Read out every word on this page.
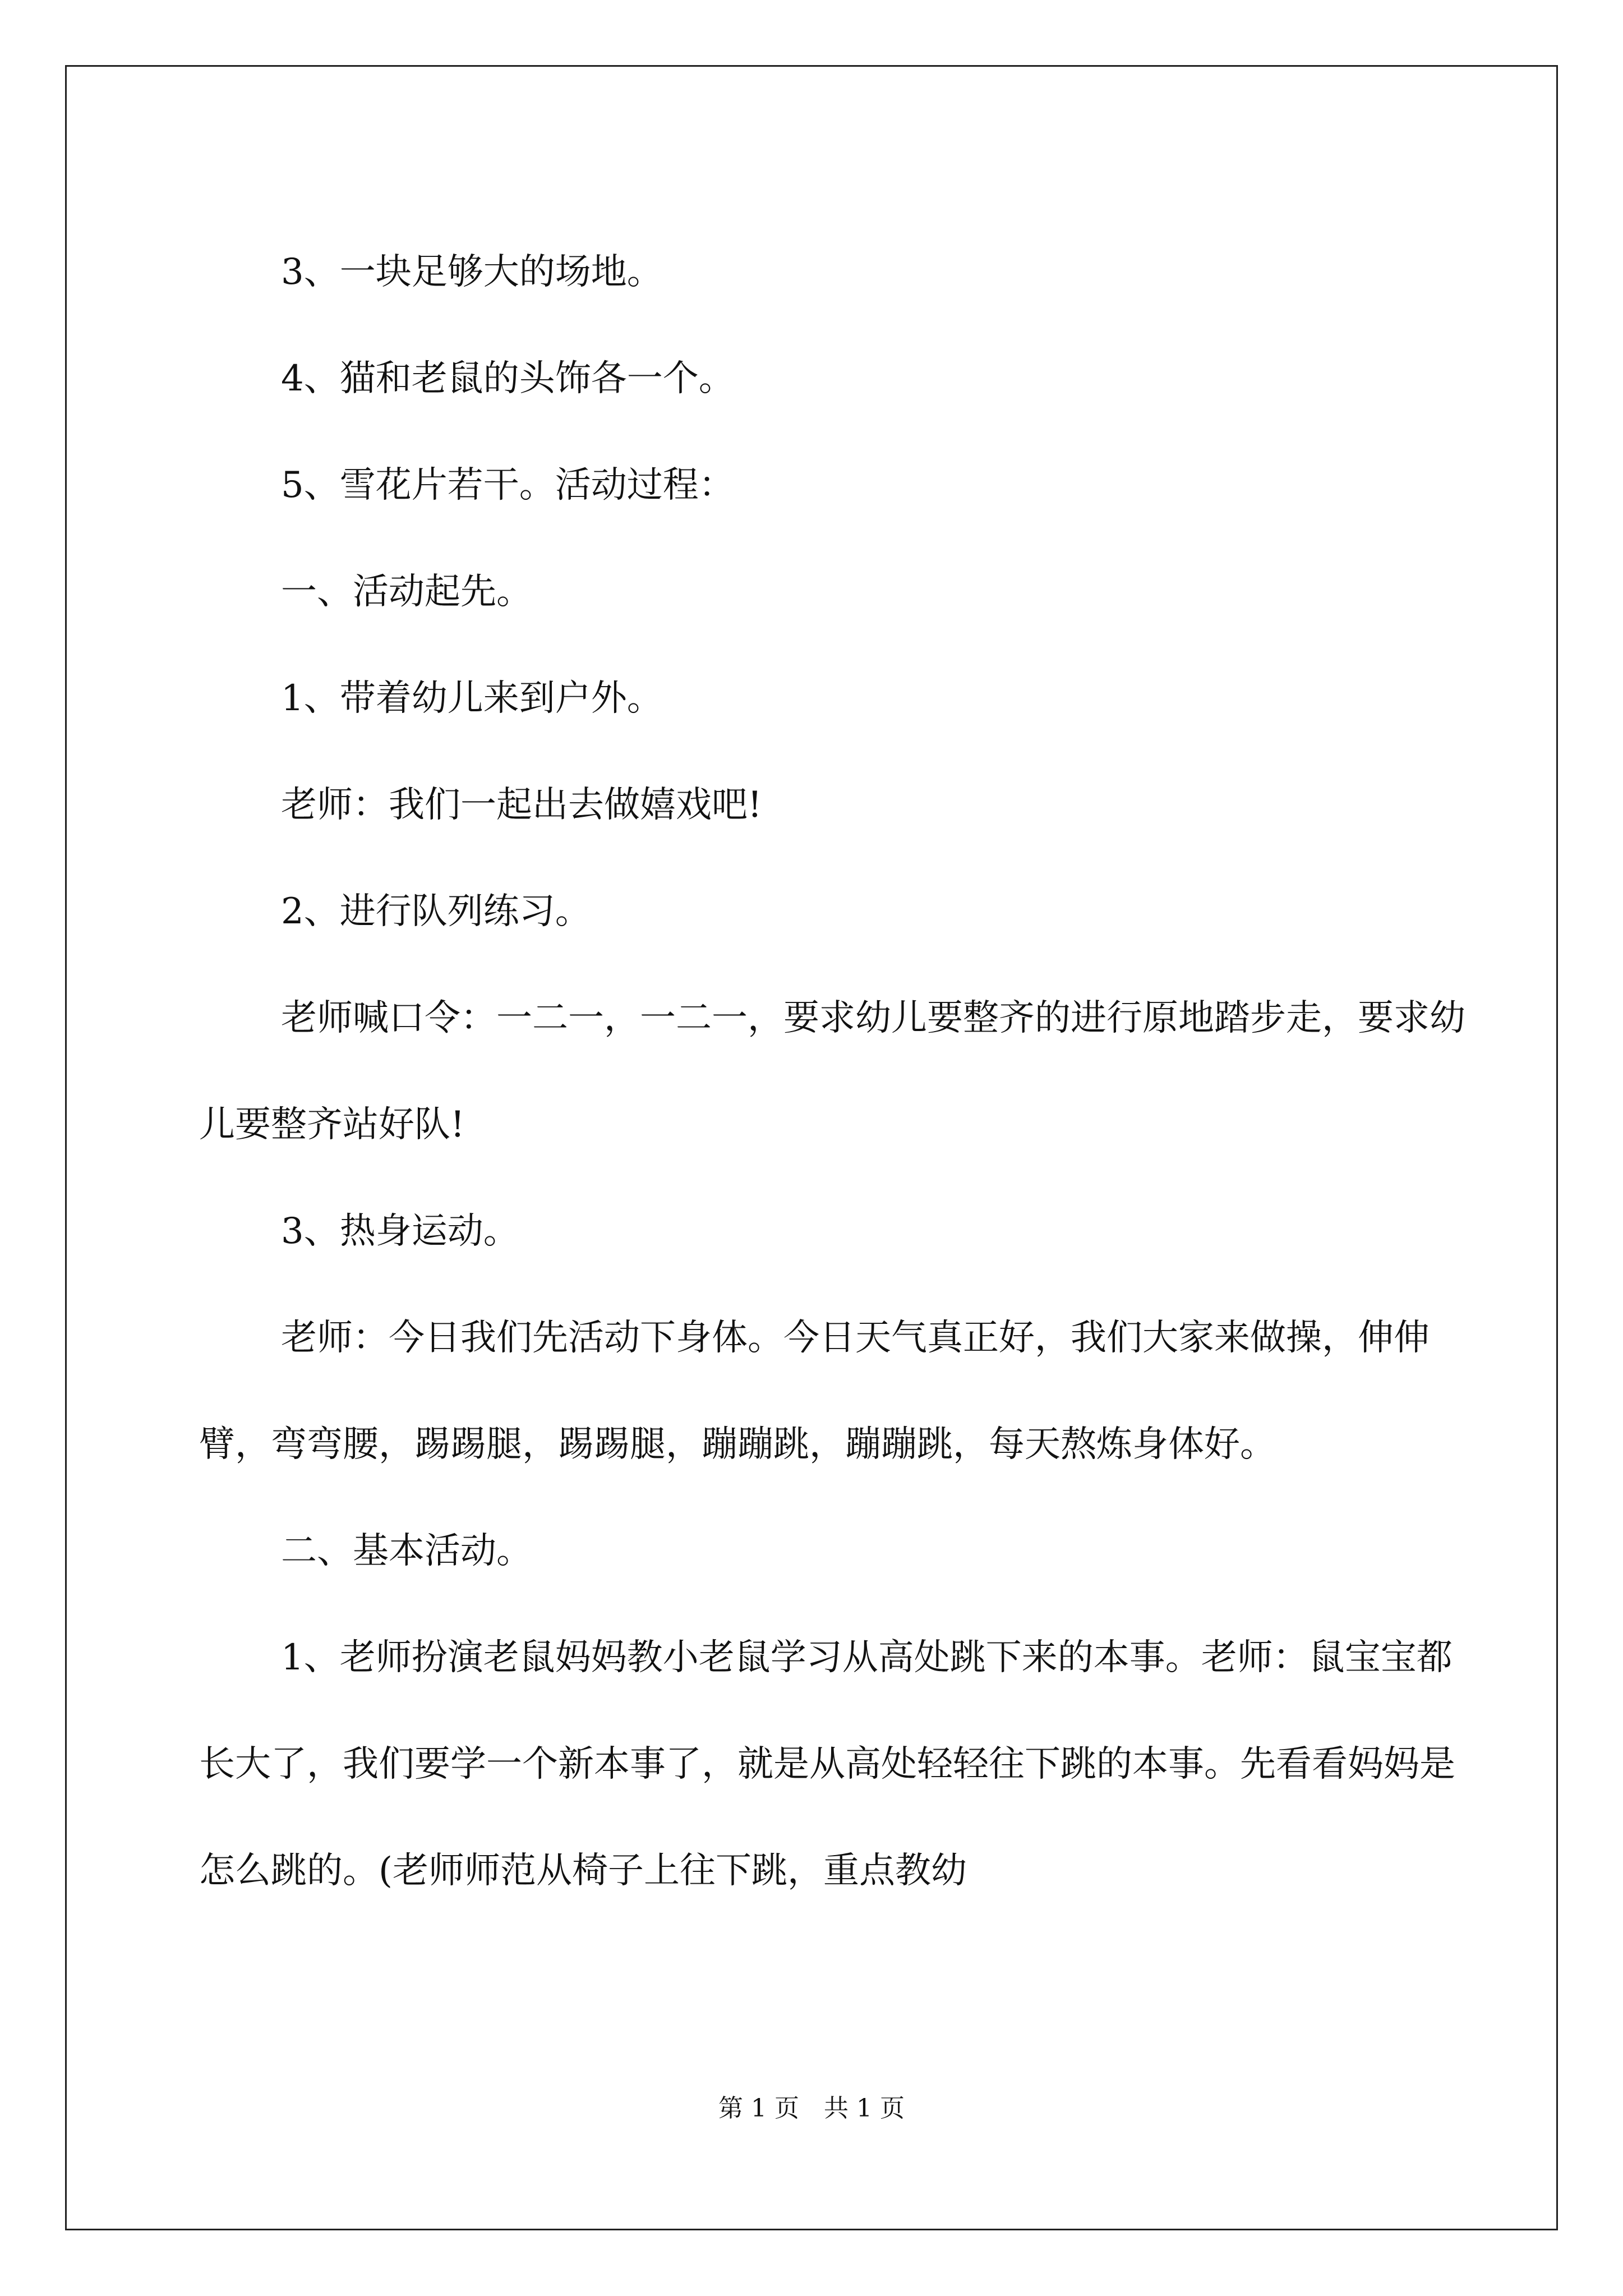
3、一块足够大的场地。

4、猫和老鼠的头饰各一个。

5、雪花片若干。活动过程：

一、活动起先。

1、带着幼儿来到户外。

老师：我们一起出去做嬉戏吧!

2、进行队列练习。

老师喊口令：一二一，一二一，要求幼儿要整齐的进行原地踏步走，要求幼儿要整齐站好队!

3、热身运动。

老师：今日我们先活动下身体。今日天气真正好，我们大家来做操，伸伸臂，弯弯腰，踢踢腿，踢踢腿，蹦蹦跳，蹦蹦跳，每天熬炼身体好。

二、基本活动。

1、老师扮演老鼠妈妈教小老鼠学习从高处跳下来的本事。老师：鼠宝宝都长大了，我们要学一个新本事了，就是从高处轻轻往下跳的本事。先看看妈妈是怎么跳的。(老师师范从椅子上往下跳，重点教幼

第 1 页　共 1 页
